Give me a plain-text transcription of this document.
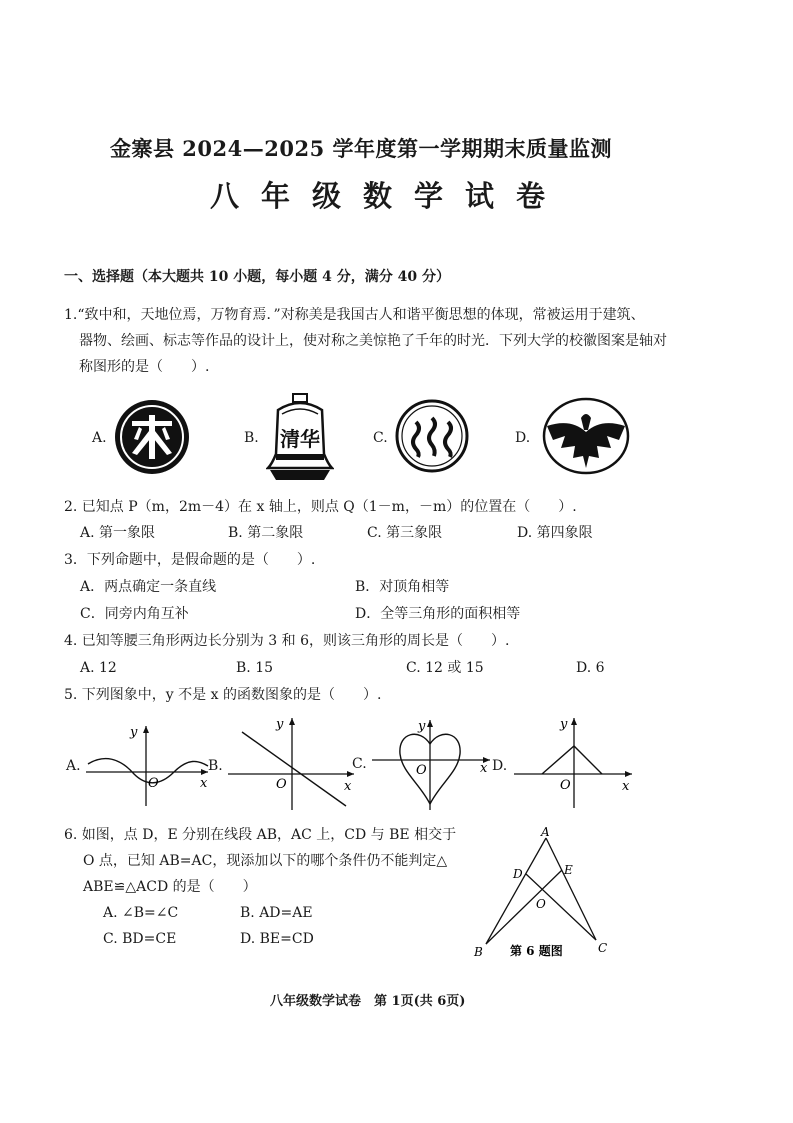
金寨县 2024—2025 学年度第一学期期末质量监测
八年级数学试卷
一、选择题（本大题共 10 小题，每小题 4 分，满分 40 分）
1.“致中和，天地位焉，万物育焉．”对称美是我国古人和谐平衡思想的体现，常被运用于建筑、
器物、绘画、标志等作品的设计上，使对称之美惊艳了千年的时光．下列大学的校徽图案是轴对
称图形的是（　　）.
A.	B. 清华	C.	D.
2. 已知点 P（m，2m－4）在 x 轴上，则点 Q（1－m，－m）的位置在（　　）.
A. 第一象限	B. 第二象限	C. 第三象限	D. 第四象限
3．下列命题中，是假命题的是（　　）.
A．两点确定一条直线	B．对顶角相等
C．同旁内角互补	D．全等三角形的面积相等
4. 已知等腰三角形两边长分别为 3 和 6，则该三角形的周长是（　　）.
A. 12	B. 15	C. 12 或 15	D. 6
5. 下列图象中，y 不是 x 的函数图象的是（　　）.
A.
y
O	x
B.
y
O	x
C.
y
O	x D.
y
O	x
6. 如图，点 D，E 分别在线段 AB，AC 上，CD 与 BE 相交于
O 点，已知 AB=AC，现添加以下的哪个条件仍不能判定△
ABE≌△ACD 的是（　　）
A. ∠B=∠C	B. AD=AE
C. BD=CE	D. BE=CD
A
B	C
D	E
O
第 6 题图
八年级数学试卷　第 1页(共 6页)
